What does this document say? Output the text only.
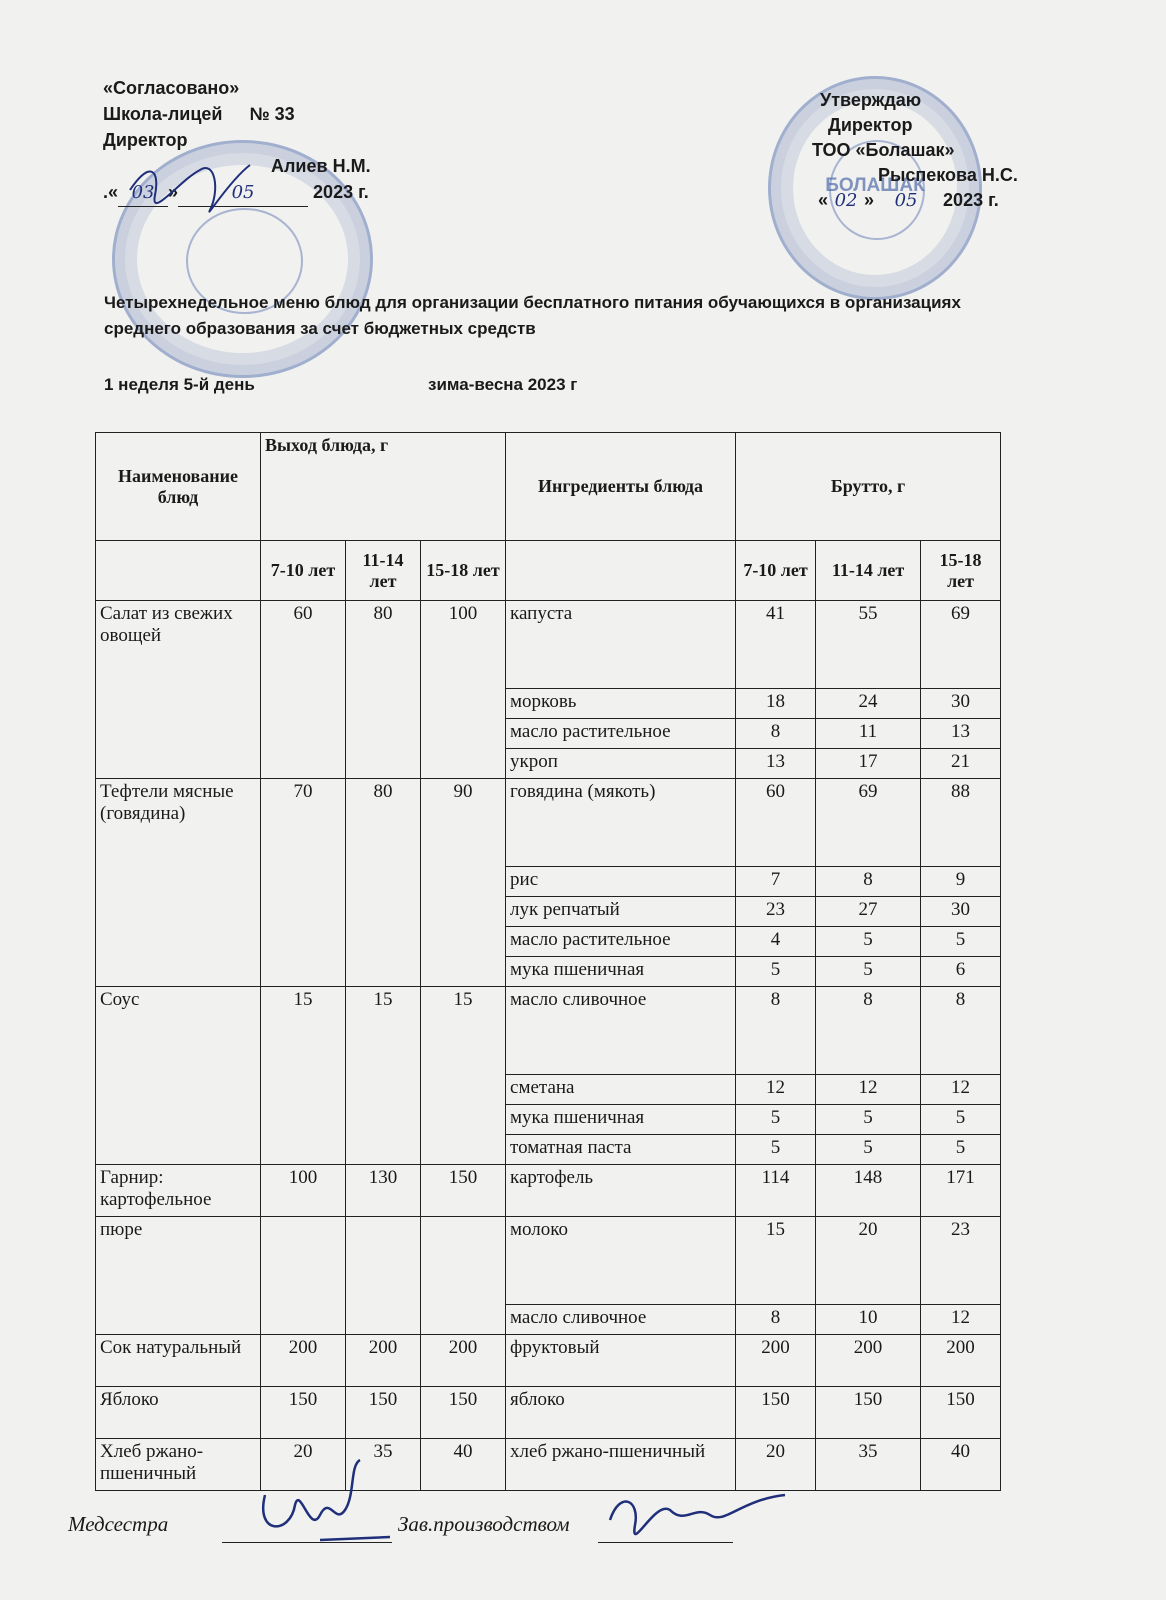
БОЛАШАК
«Согласовано»
Школа-лицей № 33
Директор
Алиев Н.М.
.« 03 »	05	2023 г.
Утверждаю
Директор
ТОО «Болашак»
Рыспекова Н.С.
« 02 » 05 2023 г.
Четырехнедельное меню блюд для организации бесплатного питания обучающихся в организациях среднего образования за счет бюджетных средств
1 неделя 5-й день	зима-весна 2023 г
Наименование блюд	Выход блюда, г			Ингредиенты блюда	Брутто, г		
	7-10 лет	11-14 лет	15-18 лет		7-10 лет	11-14 лет	15-18 лет
Салат из свежих овощей	60	80	100	капуста	41	55	69
				морковь	18	24	30
				масло растительное	8	11	13
				укроп	13	17	21
Тефтели мясные (говядина)	70	80	90	говядина (мякоть)	60	69	88
				рис	7	8	9
				лук репчатый	23	27	30
				масло растительное	4	5	5
				мука пшеничная	5	5	6
Соус	15	15	15	масло сливочное	8	8	8
				сметана	12	12	12
				мука пшеничная	5	5	5
				томатная паста	5	5	5
Гарнир: картофельное	100	130	150	картофель	114	148	171
пюре				молоко	15	20	23
				масло сливочное	8	10	12
Сок натуральный	200	200	200	фруктовый	200	200	200
Яблоко	150	150	150	яблоко	150	150	150
Хлеб ржано-пшеничный	20	35	40	хлеб ржано-пшеничный	20	35	40
Медсестра	Зав.производством
